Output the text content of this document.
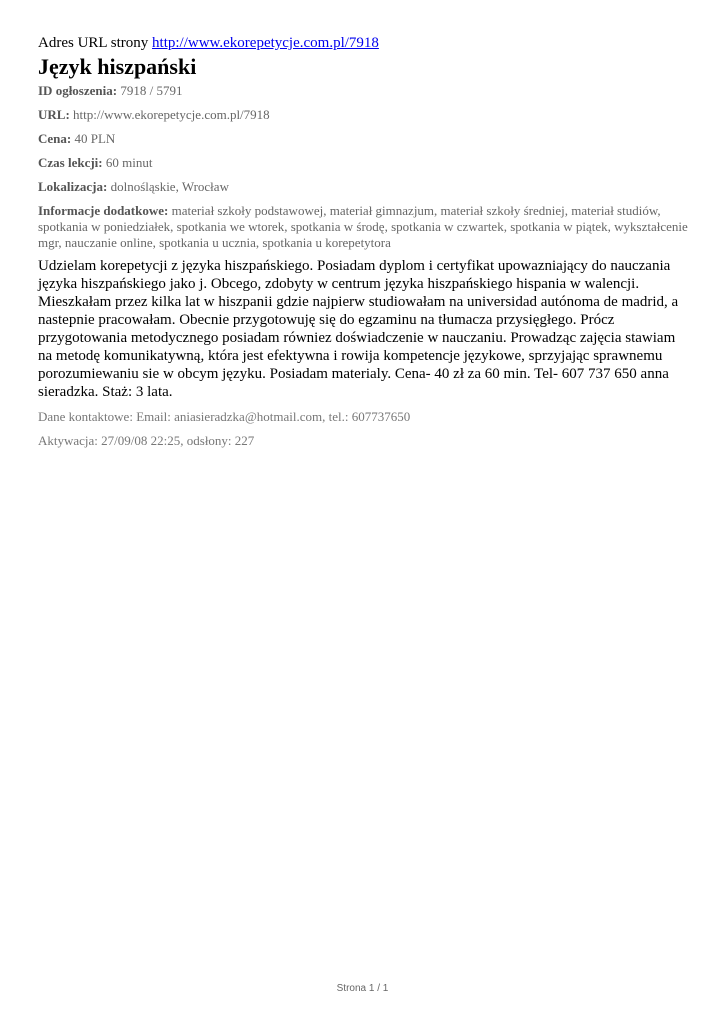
Adres URL strony http://www.ekorepetycje.com.pl/7918
Język hiszpański
ID ogłoszenia: 7918 / 5791
URL: http://www.ekorepetycje.com.pl/7918
Cena: 40 PLN
Czas lekcji: 60 minut
Lokalizacja: dolnośląskie, Wrocław
Informacje dodatkowe: materiał szkoły podstawowej, materiał gimnazjum, materiał szkoły średniej, materiał studiów, spotkania w poniedziałek, spotkania we wtorek, spotkania w środę, spotkania w czwartek, spotkania w piątek, wykształcenie mgr, nauczanie online, spotkania u ucznia, spotkania u korepetytora
Udzielam korepetycji z języka hiszpańskiego. Posiadam dyplom i certyfikat upowazniający do nauczania języka hiszpańskiego jako j. Obcego, zdobyty w centrum języka hiszpańskiego hispania w walencji. Mieszkałam przez kilka lat w hiszpanii gdzie najpierw studiowałam na universidad autónoma de madrid, a nastepnie pracowałam. Obecnie przygotowuję się do egzaminu na tłumacza przysięgłego. Prócz przygotowania metodycznego posiadam równiez doświadczenie w nauczaniu. Prowadząc zajęcia stawiam na metodę komunikatywną, która jest efektywna i rowija kompetencje językowe, sprzyjając sprawnemu porozumiewaniu sie w obcym języku. Posiadam materialy. Cena- 40 zł za 60 min. Tel- 607 737 650 anna sieradzka. Staż: 3 lata.
Dane kontaktowe: Email: aniasieradzka@hotmail.com, tel.: 607737650
Aktywacja: 27/09/08 22:25, odsłony: 227
Strona 1 / 1
